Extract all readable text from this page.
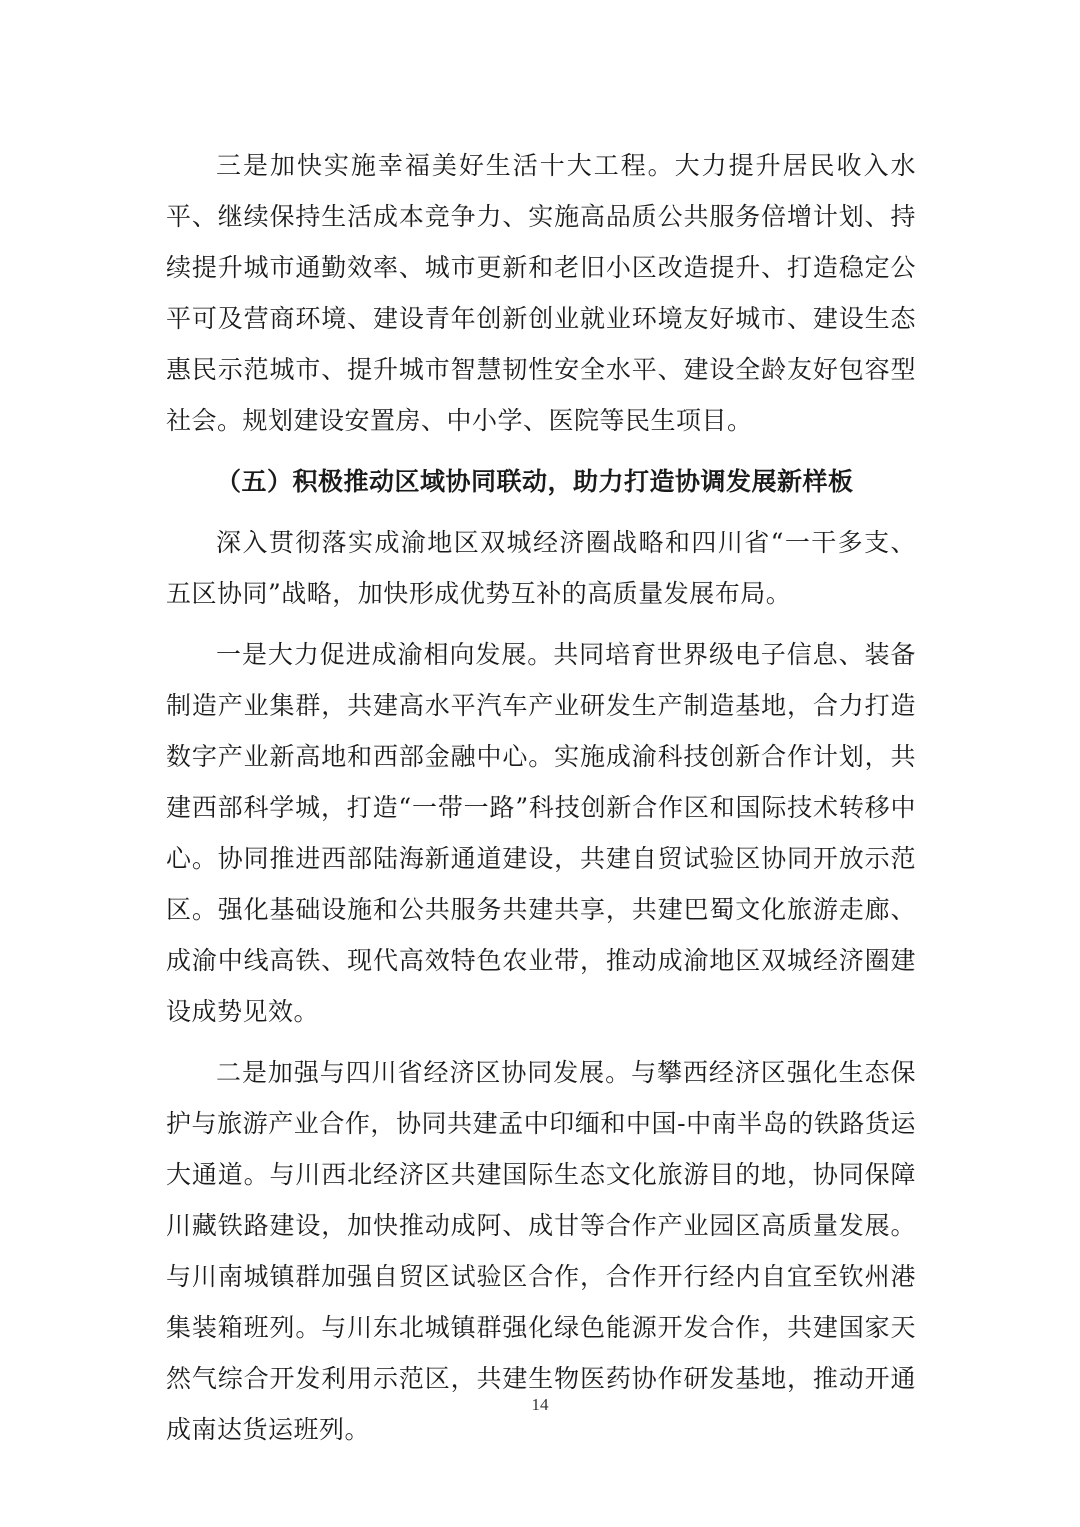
三是加快实施幸福美好生活十大工程。大力提升居民收入水平、继续保持生活成本竞争力、实施高品质公共服务倍增计划、持续提升城市通勤效率、城市更新和老旧小区改造提升、打造稳定公平可及营商环境、建设青年创新创业就业环境友好城市、建设生态惠民示范城市、提升城市智慧韧性安全水平、建设全龄友好包容型社会。规划建设安置房、中小学、医院等民生项目。

（五）积极推动区域协同联动，助力打造协调发展新样板

深入贯彻落实成渝地区双城经济圈战略和四川省“一干多支、五区协同”战略，加快形成优势互补的高质量发展布局。

一是大力促进成渝相向发展。共同培育世界级电子信息、装备制造产业集群，共建高水平汽车产业研发生产制造基地，合力打造数字产业新高地和西部金融中心。实施成渝科技创新合作计划，共建西部科学城，打造“一带一路”科技创新合作区和国际技术转移中心。协同推进西部陆海新通道建设，共建自贸试验区协同开放示范区。强化基础设施和公共服务共建共享，共建巴蜀文化旅游走廊、成渝中线高铁、现代高效特色农业带，推动成渝地区双城经济圈建设成势见效。

二是加强与四川省经济区协同发展。与攀西经济区强化生态保护与旅游产业合作，协同共建孟中印缅和中国-中南半岛的铁路货运大通道。与川西北经济区共建国际生态文化旅游目的地，协同保障川藏铁路建设，加快推动成阿、成甘等合作产业园区高质量发展。与川南城镇群加强自贸区试验区合作，合作开行经内自宜至钦州港集装箱班列。与川东北城镇群强化绿色能源开发合作，共建国家天然气综合开发利用示范区，共建生物医药协作研发基地，推动开通成南达货运班列。

14
